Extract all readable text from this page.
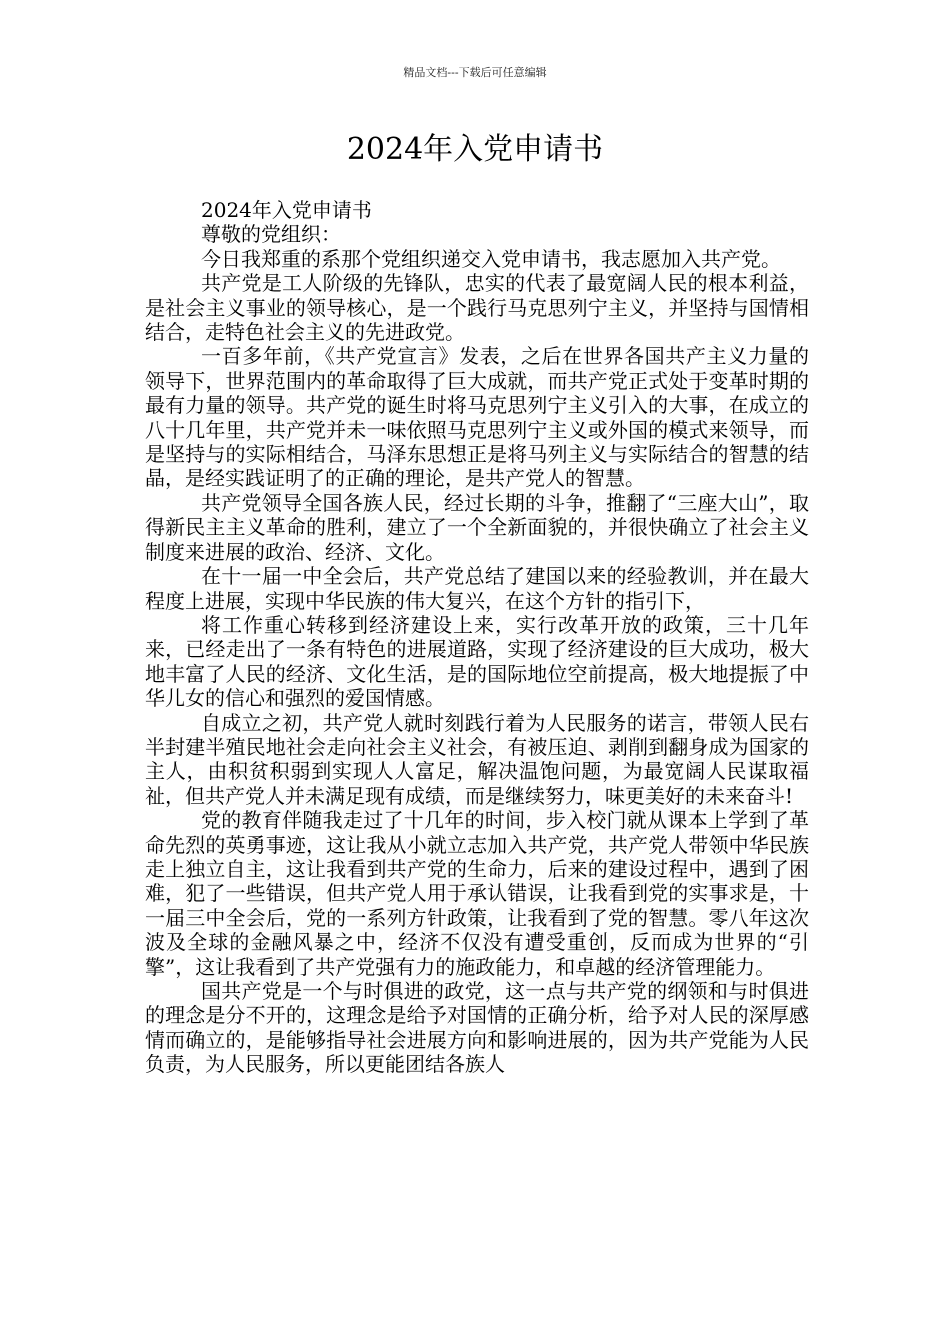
精品文档---下载后可任意编辑
2024年入党申请书

2024年入党申请书

尊敬的党组织：

今日我郑重的系那个党组织递交入党申请书，我志愿加入共产党。

共产党是工人阶级的先锋队，忠实的代表了最宽阔人民的根本利益，是社会主义事业的领导核心，是一个践行马克思列宁主义，并坚持与国情相结合，走特色社会主义的先进政党。

一百多年前，《共产党宣言》发表，之后在世界各国共产主义力量的领导下，世界范围内的革命取得了巨大成就，而共产党正式处于变革时期的最有力量的领导。共产党的诞生时将马克思列宁主义引入的大事，在成立的八十几年里，共产党并未一味依照马克思列宁主义或外国的模式来领导，而是坚持与的实际相结合，马泽东思想正是将马列主义与实际结合的智慧的结晶，是经实践证明了的正确的理论，是共产党人的智慧。

共产党领导全国各族人民，经过长期的斗争，推翻了“三座大山”，取得新民主主义革命的胜利，建立了一个全新面貌的，并很快确立了社会主义制度来进展的政治、经济、文化。

在十一届一中全会后，共产党总结了建国以来的经验教训，并在最大程度上进展，实现中华民族的伟大复兴，在这个方针的指引下，

将工作重心转移到经济建设上来，实行改革开放的政策，三十几年来，已经走出了一条有特色的进展道路，实现了经济建设的巨大成功，极大地丰富了人民的经济、文化生活，是的国际地位空前提高，极大地提振了中华儿女的信心和强烈的爱国情感。

自成立之初，共产党人就时刻践行着为人民服务的诺言，带领人民右半封建半殖民地社会走向社会主义社会，有被压迫、剥削到翻身成为国家的主人，由积贫积弱到实现人人富足，解决温饱问题，为最宽阔人民谋取福祉，但共产党人并未满足现有成绩，而是继续努力，味更美好的未来奋斗!

党的教育伴随我走过了十几年的时间，步入校门就从课本上学到了革命先烈的英勇事迹，这让我从小就立志加入共产党，共产党人带领中华民族走上独立自主，这让我看到共产党的生命力，后来的建设过程中，遇到了困难，犯了一些错误，但共产党人用于承认错误，让我看到党的实事求是，十一届三中全会后，党的一系列方针政策，让我看到了党的智慧。零八年这次波及全球的金融风暴之中，经济不仅没有遭受重创，反而成为世界的“引擎”，这让我看到了共产党强有力的施政能力，和卓越的经济管理能力。

国共产党是一个与时俱进的政党，这一点与共产党的纲领和与时俱进的理念是分不开的，这理念是给予对国情的正确分析，给予对人民的深厚感情而确立的，是能够指导社会进展方向和影响进展的，因为共产党能为人民负责，为人民服务，所以更能团结各族人
